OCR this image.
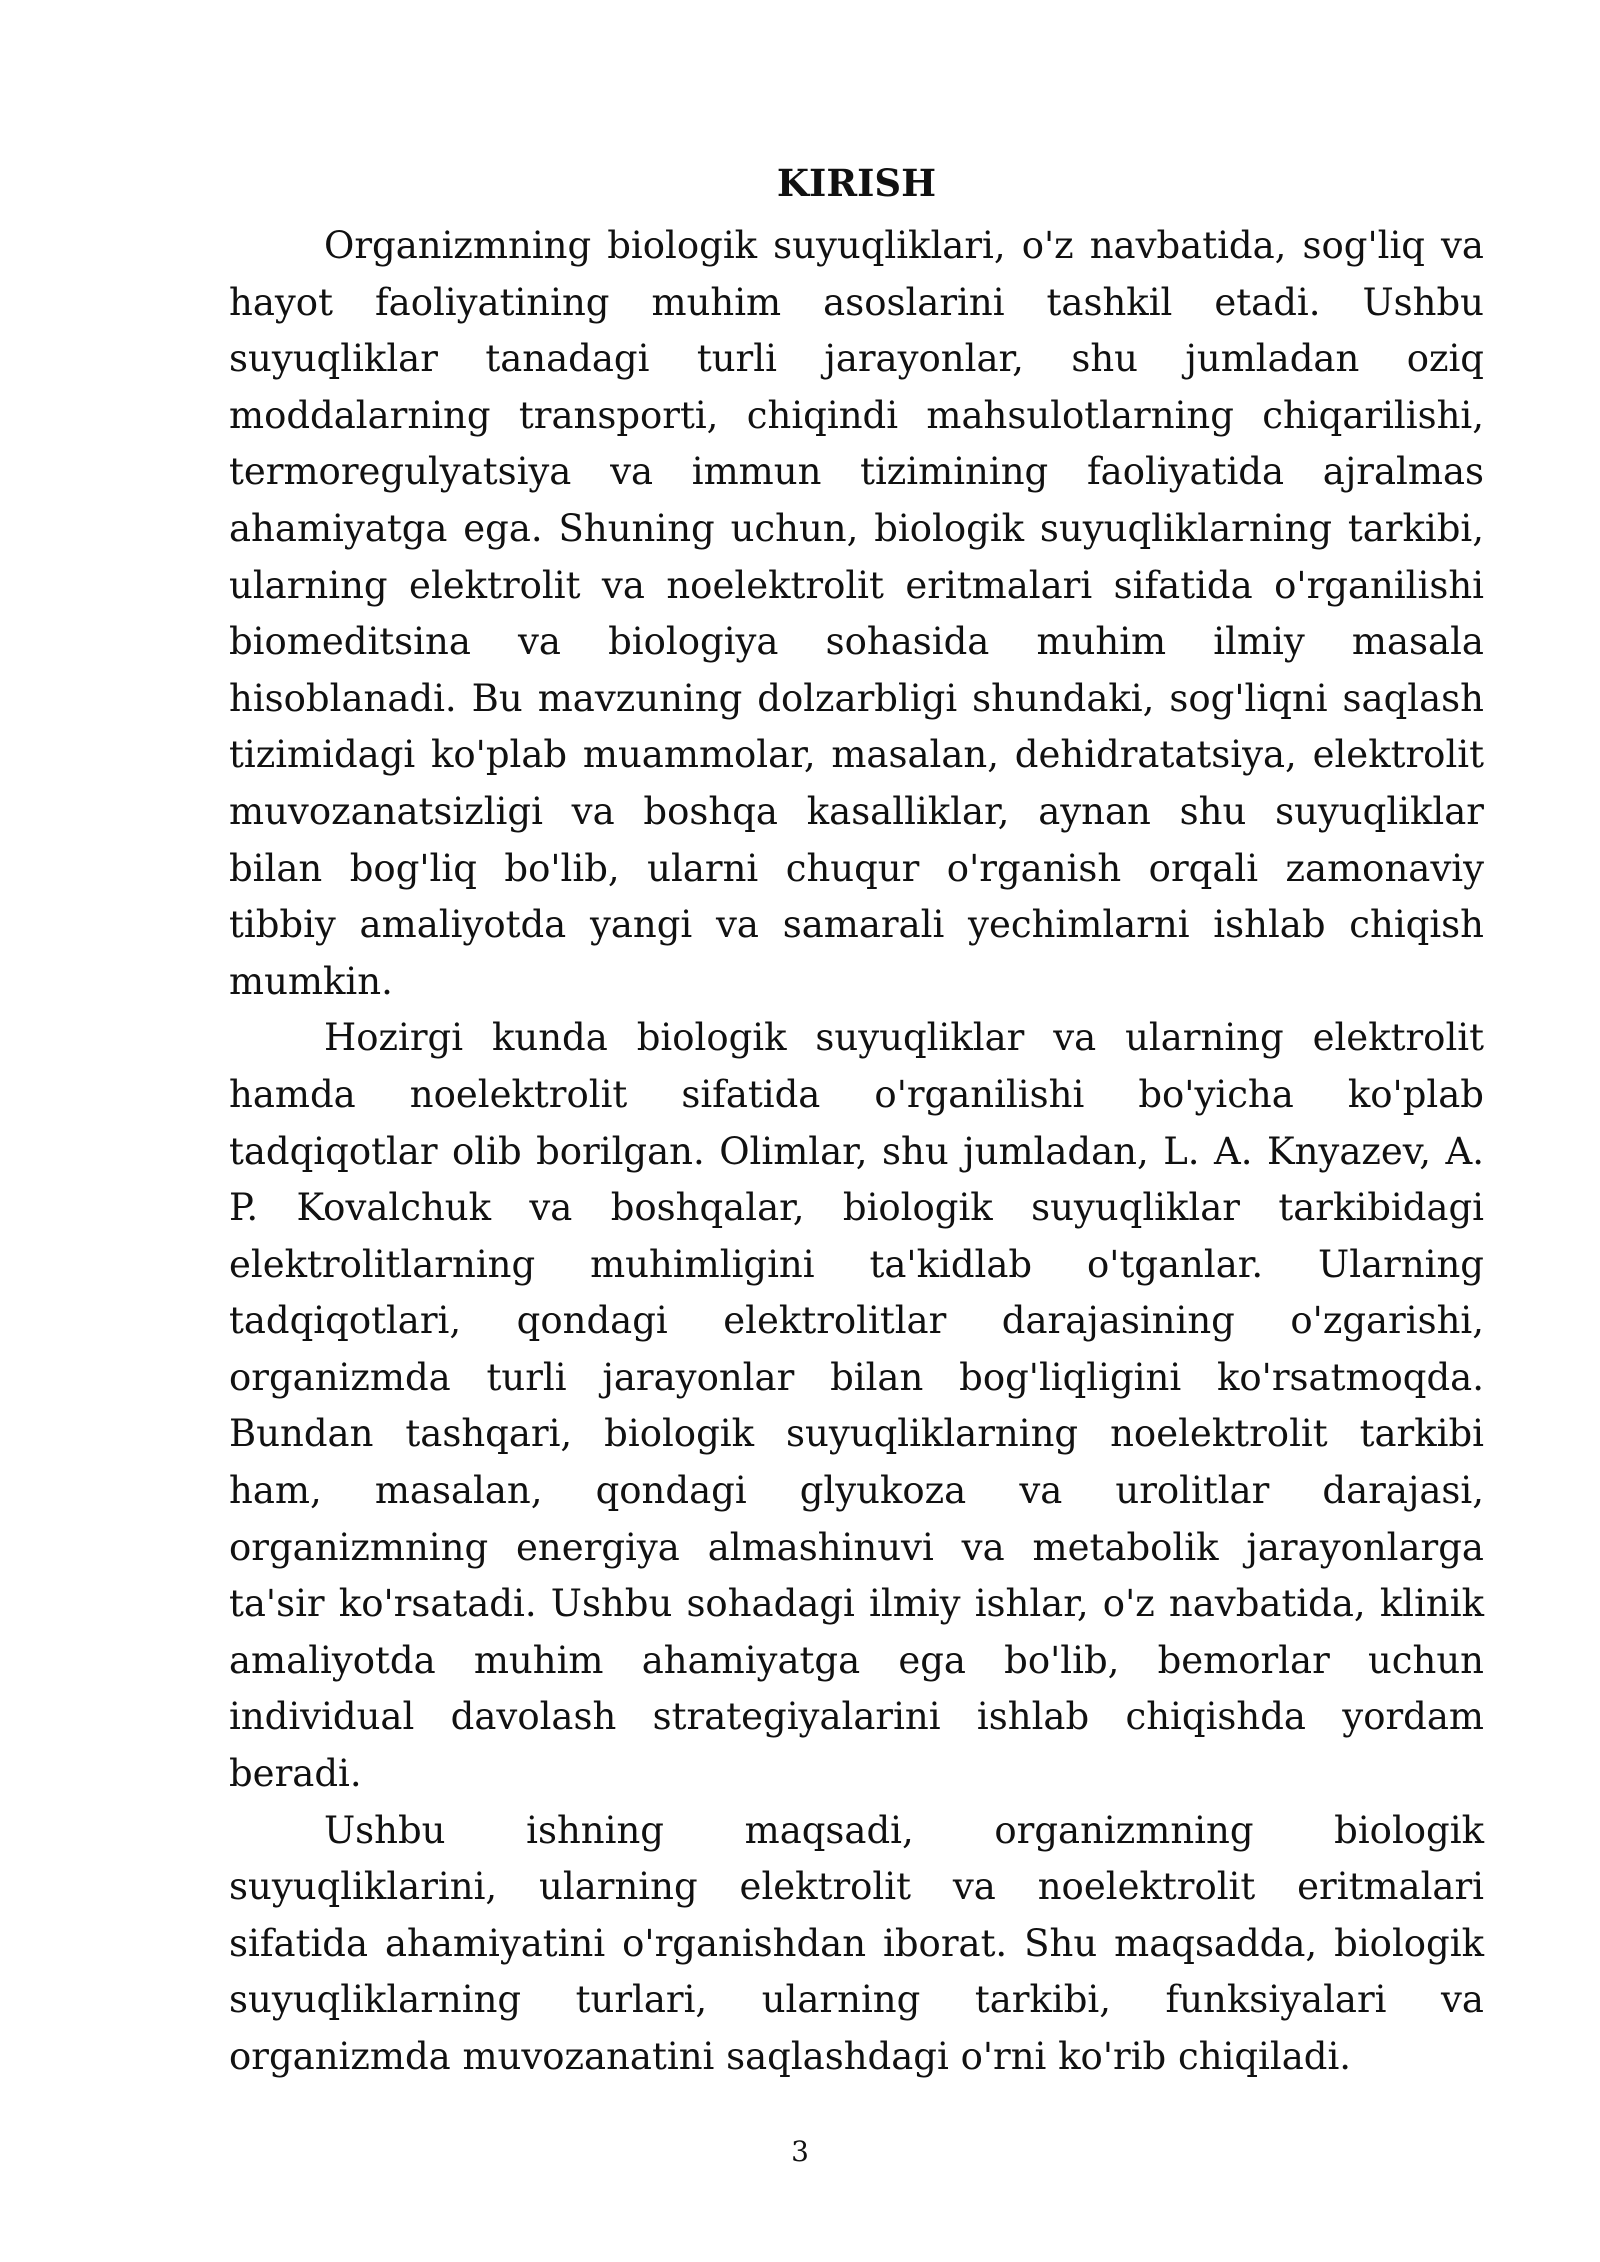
KIRISH

Organizmning biologik suyuqliklari, o'z navbatida, sog'liq va hayot faoliyatining muhim asoslarini tashkil etadi. Ushbu suyuqliklar tanadagi turli jarayonlar, shu jumladan oziq moddalarning transporti, chiqindi mahsulotlarning chiqarilishi, termoregulyatsiya va immun tizimining faoliyatida ajralmas ahamiyatga ega. Shuning uchun, biologik suyuqliklarning tarkibi, ularning elektrolit va noelektrolit eritmalari sifatida o'rganilishi biomeditsina va biologiya sohasida muhim ilmiy masala hisoblanadi. Bu mavzuning dolzarbligi shundaki, sog'liqni saqlash tizimidagi ko'plab muammolar, masalan, dehidratatsiya, elektrolit muvozanatsizligi va boshqa kasalliklar, aynan shu suyuqliklar bilan bog'liq bo'lib, ularni chuqur o'rganish orqali zamonaviy tibbiy amaliyotda yangi va samarali yechimlarni ishlab chiqish mumkin.

Hozirgi kunda biologik suyuqliklar va ularning elektrolit hamda noelektrolit sifatida o'rganilishi bo'yicha ko'plab tadqiqotlar olib borilgan. Olimlar, shu jumladan, L. A. Knyazev, A. P. Kovalchuk va boshqalar, biologik suyuqliklar tarkibidagi elektrolitlarning muhimligini ta'kidlab o'tganlar. Ularning tadqiqotlari, qondagi elektrolitlar darajasining o'zgarishi, organizmda turli jarayonlar bilan bog'liqligini ko'rsatmoqda. Bundan tashqari, biologik suyuqliklarning noelektrolit tarkibi ham, masalan, qondagi glyukoza va urolitlar darajasi, organizmning energiya almashinuvi va metabolik jarayonlarga ta'sir ko'rsatadi. Ushbu sohadagi ilmiy ishlar, o'z navbatida, klinik amaliyotda muhim ahamiyatga ega bo'lib, bemorlar uchun individual davolash strategiyalarini ishlab chiqishda yordam beradi.

Ushbu ishning maqsadi, organizmning biologik suyuqliklarini, ularning elektrolit va noelektrolit eritmalari sifatida ahamiyatini o'rganishdan iborat. Shu maqsadda, biologik suyuqliklarning turlari, ularning tarkibi, funksiyalari va organizmda muvozanatini saqlashdagi o'rni ko'rib chiqiladi.

3
